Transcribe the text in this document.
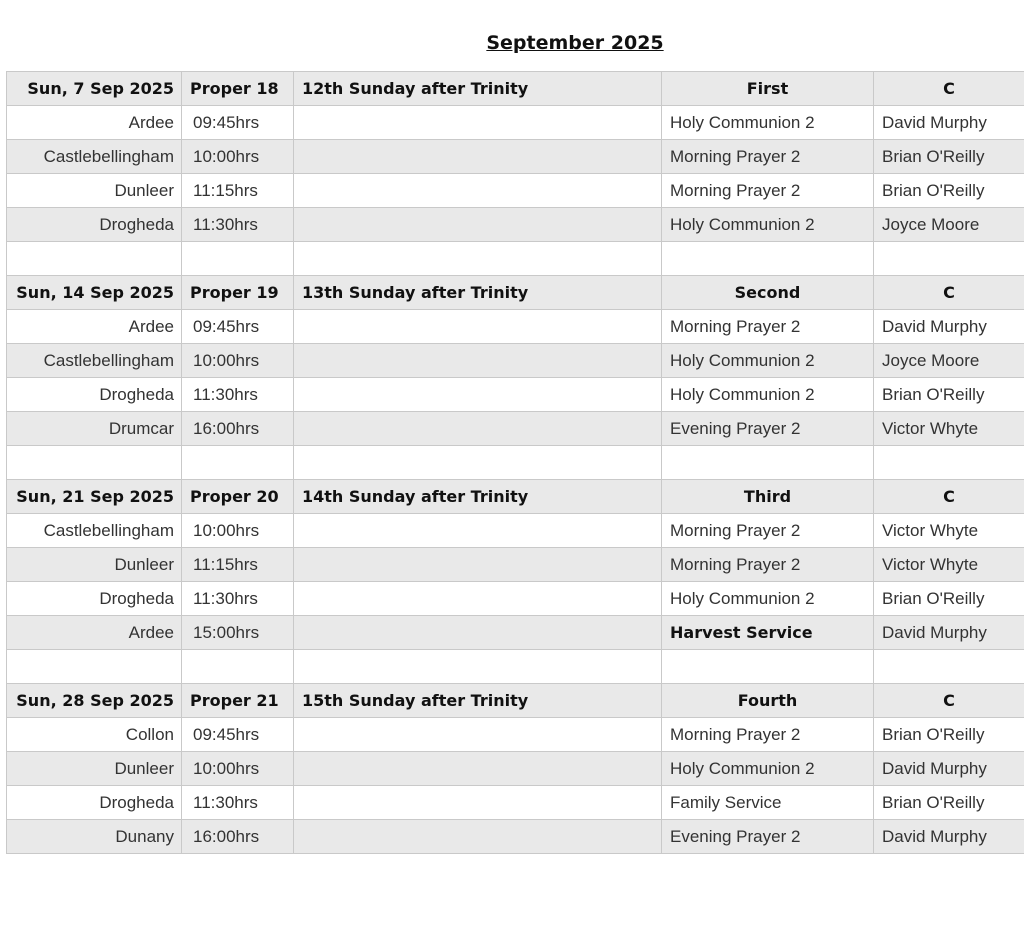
September 2025
Sun, 7 Sep 2025	Proper 18	12th Sunday after Trinity	First	C
Ardee	09:45hrs		Holy Communion 2	David Murphy
Castlebellingham	10:00hrs		Morning Prayer 2	Brian O'Reilly
Dunleer	11:15hrs		Morning Prayer 2	Brian O'Reilly
Drogheda	11:30hrs		Holy Communion 2	Joyce Moore

Sun, 14 Sep 2025	Proper 19	13th Sunday after Trinity	Second	C
Ardee	09:45hrs		Morning Prayer 2	David Murphy
Castlebellingham	10:00hrs		Holy Communion 2	Joyce Moore
Drogheda	11:30hrs		Holy Communion 2	Brian O'Reilly
Drumcar	16:00hrs		Evening Prayer 2	Victor Whyte

Sun, 21 Sep 2025	Proper 20	14th Sunday after Trinity	Third	C
Castlebellingham	10:00hrs		Morning Prayer 2	Victor Whyte
Dunleer	11:15hrs		Morning Prayer 2	Victor Whyte
Drogheda	11:30hrs		Holy Communion 2	Brian O'Reilly
Ardee	15:00hrs		Harvest Service	David Murphy

Sun, 28 Sep 2025	Proper 21	15th Sunday after Trinity	Fourth	C
Collon	09:45hrs		Morning Prayer 2	Brian O'Reilly
Dunleer	10:00hrs		Holy Communion 2	David Murphy
Drogheda	11:30hrs		Family Service	Brian O'Reilly
Dunany	16:00hrs		Evening Prayer 2	David Murphy
